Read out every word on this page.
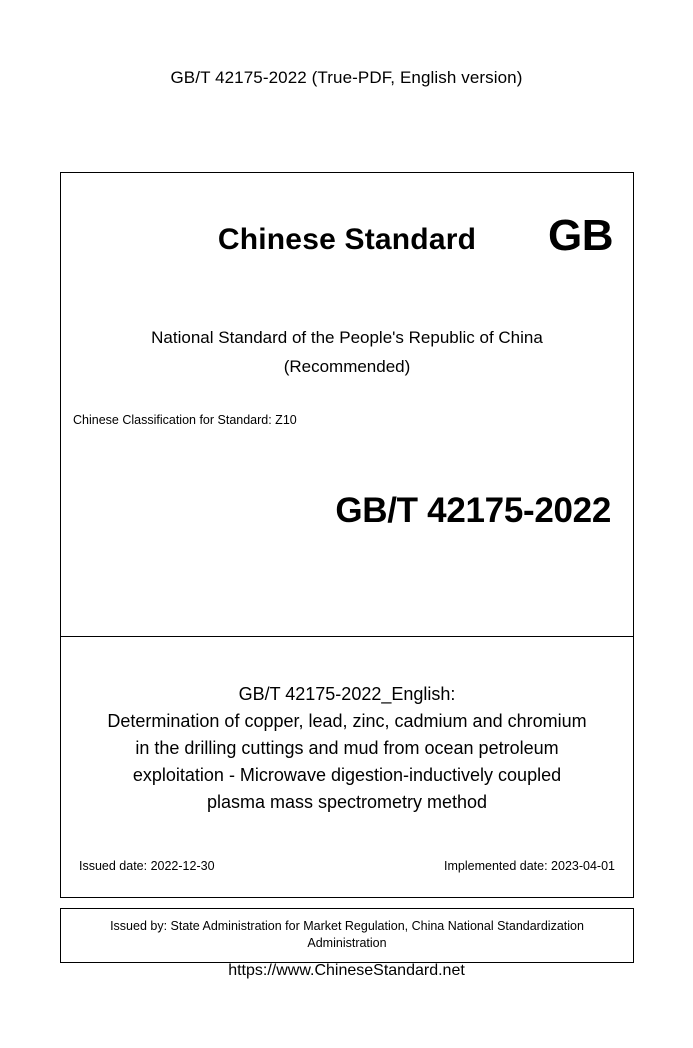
GB/T 42175-2022 (True-PDF, English version)
Chinese Standard	GB
National Standard of the People's Republic of China
(Recommended)
Chinese Classification for Standard: Z10
GB/T 42175-2022
GB/T 42175-2022_English:
Determination of copper, lead, zinc, cadmium and chromium
in the drilling cuttings and mud from ocean petroleum
exploitation - Microwave digestion-inductively coupled
plasma mass spectrometry method
Issued date: 2022-12-30	Implemented date: 2023-04-01
Issued by: State Administration for Market Regulation, China National Standardization
Administration
https://www.ChineseStandard.net
